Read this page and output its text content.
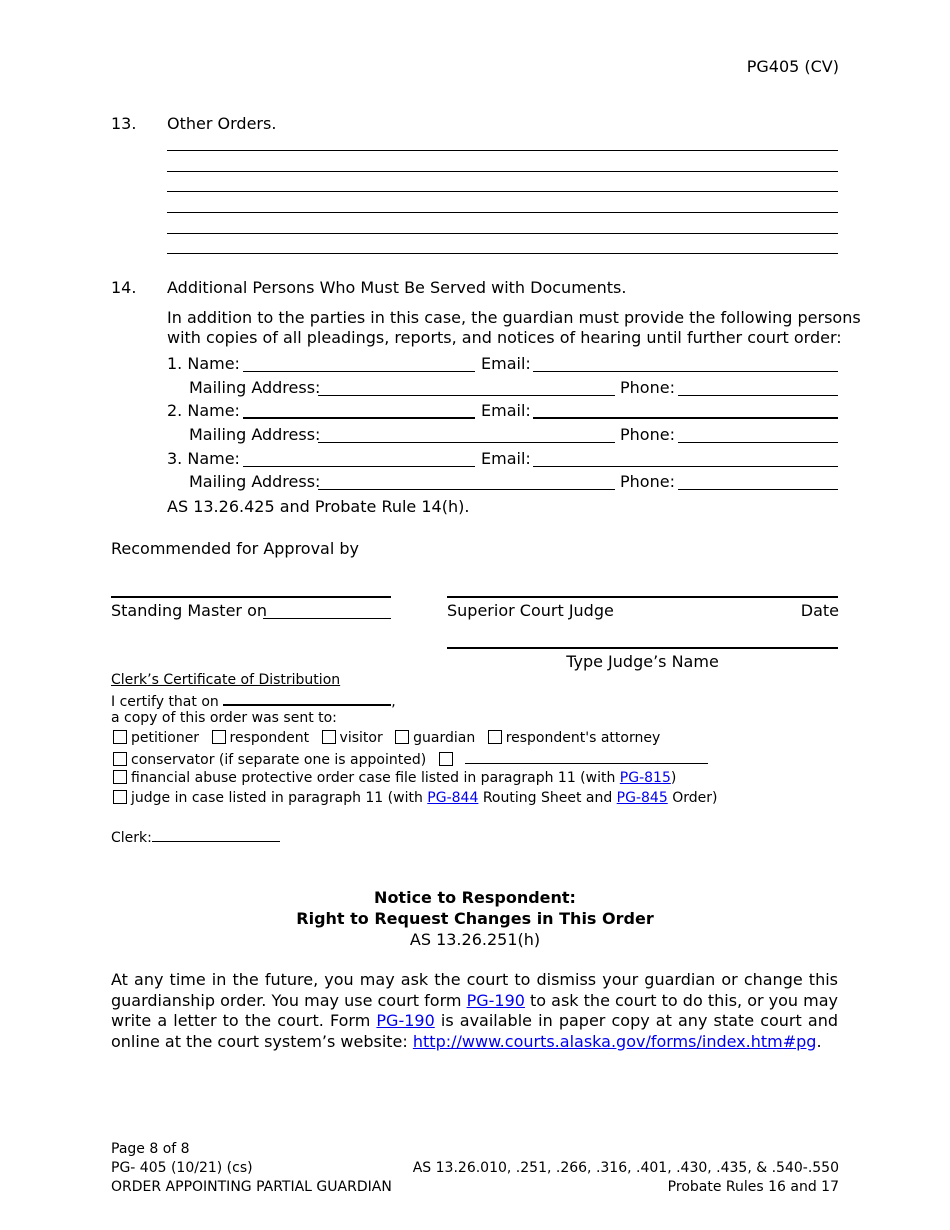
PG405 (CV)
13. Other Orders.
14. Additional Persons Who Must Be Served with Documents.
In addition to the parties in this case, the guardian must provide the following persons
with copies of all pleadings, reports, and notices of hearing until further court order:
1. Name:	Email:
Mailing Address:	Phone:
2. Name:	Email:
Mailing Address:	Phone:
3. Name:	Email:
Mailing Address:	Phone:
AS 13.26.425 and Probate Rule 14(h).
Recommended for Approval by
Standing Master on	Superior Court Judge	Date
Type Judge’s Name
Clerk’s Certificate of Distribution
I certify that on	,
a copy of this order was sent to:
petitioner respondent visitor guardian respondent's attorney
conservator (if separate one is appointed)
financial abuse protective order case file listed in paragraph 11 (with PG-815)
judge in case listed in paragraph 11 (with PG-844 Routing Sheet and PG-845 Order)
Clerk:
Notice to Respondent:
Right to Request Changes in This Order
AS 13.26.251(h)
At any time in the future, you may ask the court to dismiss your guardian or change this guardianship order. You may use court form PG-190 to ask the court to do this, or you may write a letter to the court. Form PG-190 is available in paper copy at any state court and online at the court system’s website: http://www.courts.alaska.gov/forms/index.htm#pg.
Page 8 of 8
PG- 405 (10/21) (cs)
ORDER APPOINTING PARTIAL GUARDIAN
AS 13.26.010, .251, .266, .316, .401, .430, .435, & .540-.550
Probate Rules 16 and 17
